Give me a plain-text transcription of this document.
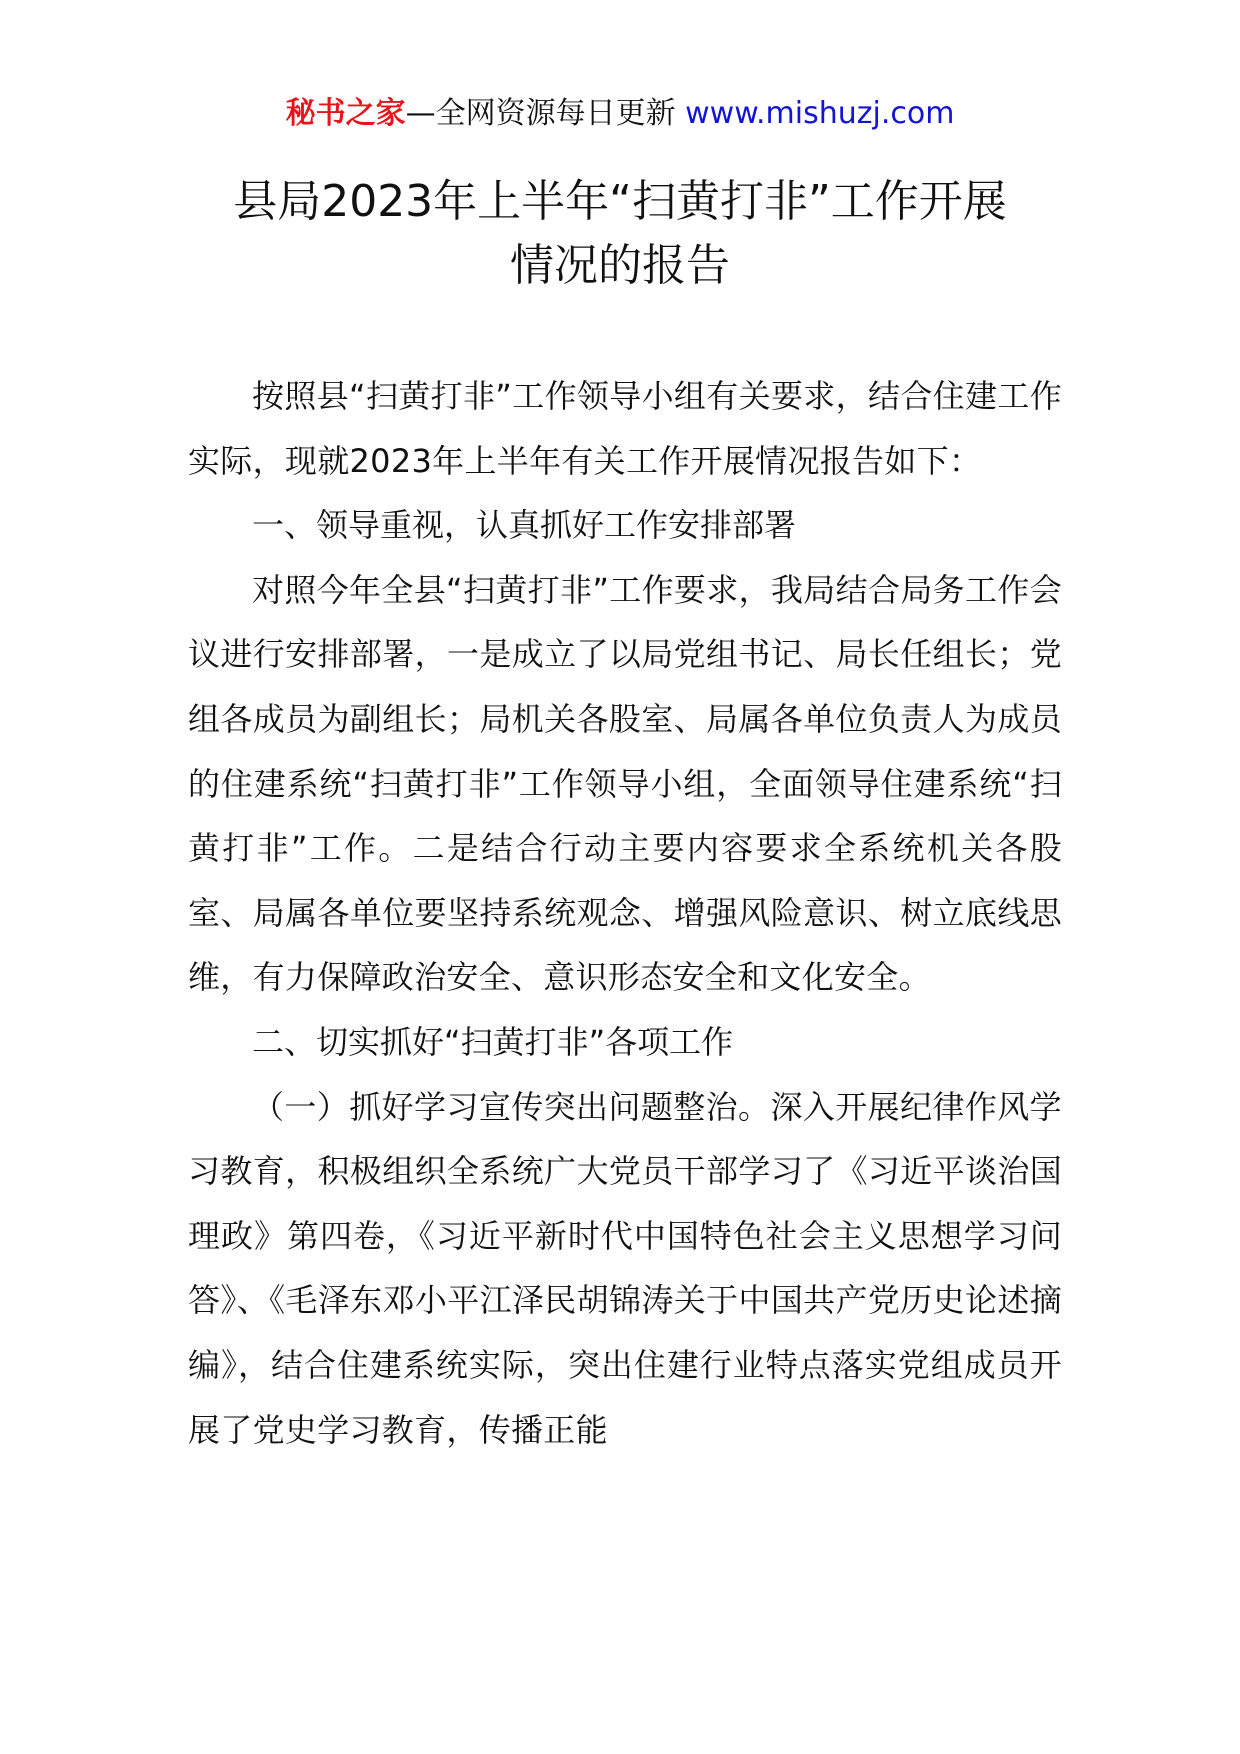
秘书之家—全网资源每日更新 www.mishuzj.com
县局2023年上半年“扫黄打非”工作开展
情况的报告

按照县“扫黄打非”工作领导小组有关要求，结合住建工作实际，现就2023年上半年有关工作开展情况报告如下：

一、领导重视，认真抓好工作安排部署

对照今年全县“扫黄打非”工作要求，我局结合局务工作会议进行安排部署，一是成立了以局党组书记、局长任组长；党组各成员为副组长；局机关各股室、局属各单位负责人为成员的住建系统“扫黄打非”工作领导小组，全面领导住建系统“扫黄打非”工作。二是结合行动主要内容要求全系统机关各股室、局属各单位要坚持系统观念、增强风险意识、树立底线思维，有力保障政治安全、意识形态安全和文化安全。

二、切实抓好“扫黄打非”各项工作

（一）抓好学习宣传突出问题整治。深入开展纪律作风学习教育，积极组织全系统广大党员干部学习了《习近平谈治国理政》第四卷，《习近平新时代中国特色社会主义思想学习问答》、《毛泽东邓小平江泽民胡锦涛关于中国共产党历史论述摘编》，结合住建系统实际，突出住建行业特点落实党组成员开展了党史学习教育，传播正能
